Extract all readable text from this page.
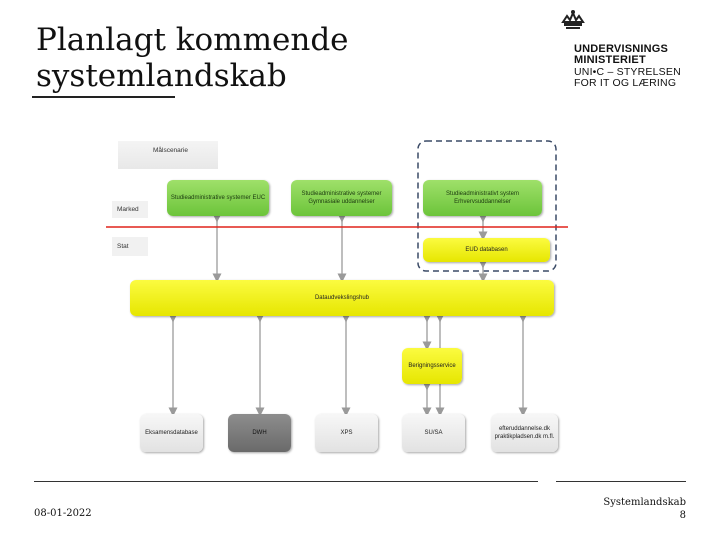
Planlagt kommende
systemlandskab
UNDERVISNINGS
MINISTERIET
UNI•C – STYRELSEN
FOR IT OG LÆRING
Målscenarie
Marked
Stat
Studieadministrative systemer EUC
Studieadministrative systemer Gymnasiale uddannelser
Studieadministrativt system Erhvervsuddannelser
EUD databasen
Dataudvekslingshub
Berigningsservice
Eksamensdatabase	DWH	XPS	SU/SA
efteruddannelse.dk praktikpladsen.dk m.fl.
08-01-2022
Systemlandskab
8
